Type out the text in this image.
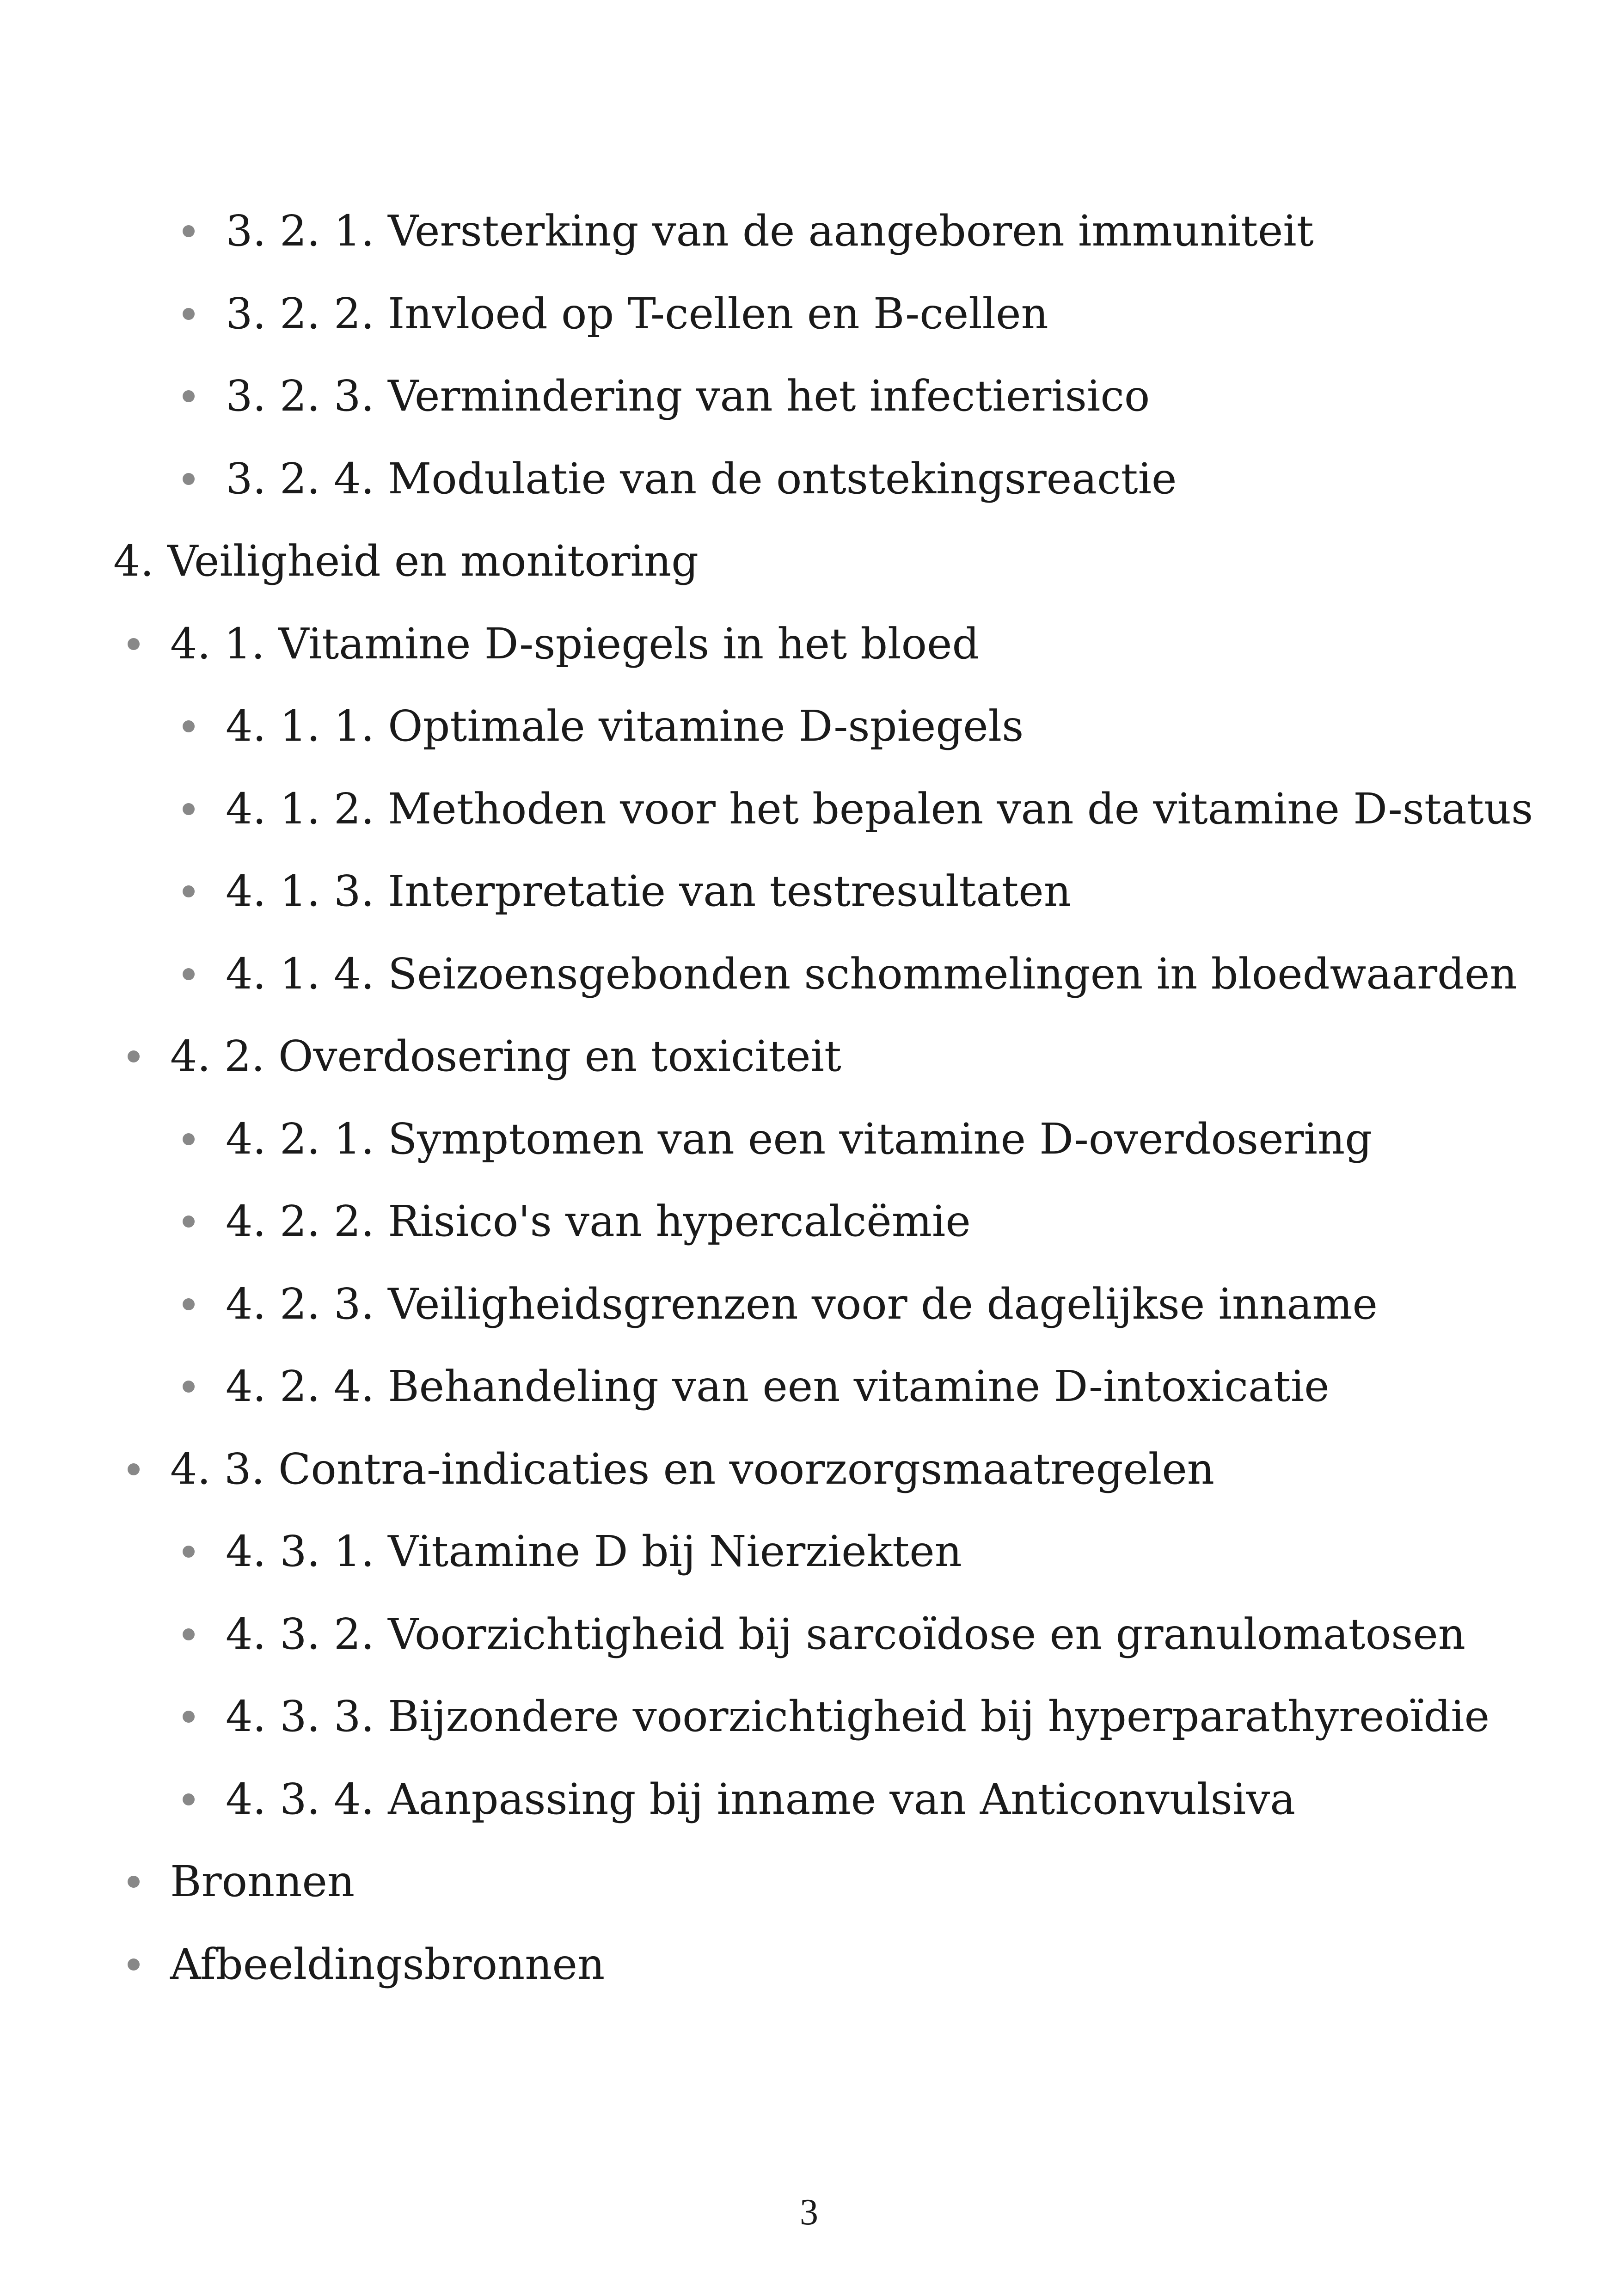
3. 2. 1. Versterking van de aangeboren immuniteit
3. 2. 2. Invloed op T-cellen en B-cellen
3. 2. 3. Vermindering van het infectierisico
3. 2. 4. Modulatie van de ontstekingsreactie
4. Veiligheid en monitoring
4. 1. Vitamine D-spiegels in het bloed
4. 1. 1. Optimale vitamine D-spiegels
4. 1. 2. Methoden voor het bepalen van de vitamine D-status
4. 1. 3. Interpretatie van testresultaten
4. 1. 4. Seizoensgebonden schommelingen in bloedwaarden
4. 2. Overdosering en toxiciteit
4. 2. 1. Symptomen van een vitamine D-overdosering
4. 2. 2. Risico's van hypercalcëmie
4. 2. 3. Veiligheidsgrenzen voor de dagelijkse inname
4. 2. 4. Behandeling van een vitamine D-intoxicatie
4. 3. Contra-indicaties en voorzorgsmaatregelen
4. 3. 1. Vitamine D bij Nierziekten
4. 3. 2. Voorzichtigheid bij sarcoïdose en granulomatosen
4. 3. 3. Bijzondere voorzichtigheid bij hyperparathyreoïdie
4. 3. 4. Aanpassing bij inname van Anticonvulsiva
Bronnen
Afbeeldingsbronnen
3
